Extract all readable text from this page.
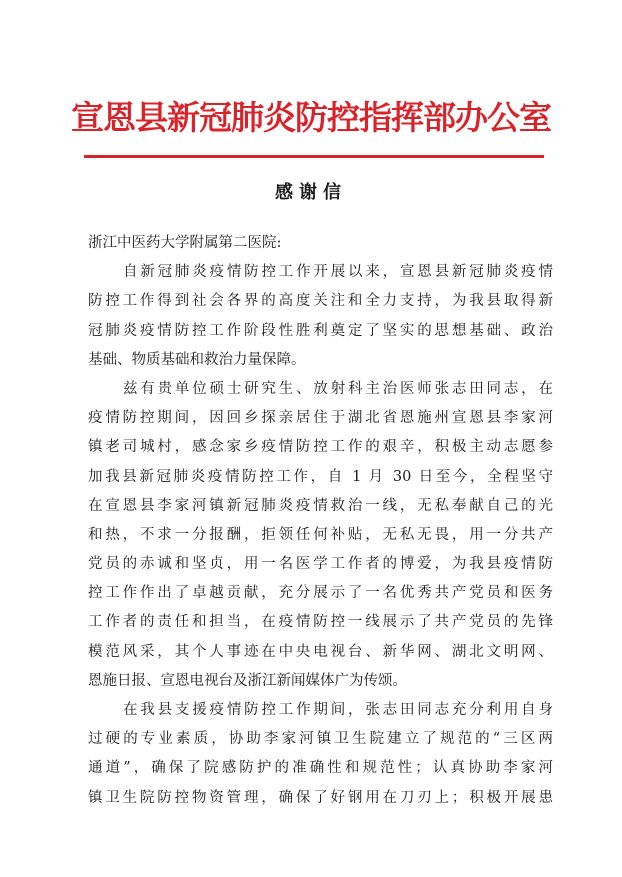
宣恩县新冠肺炎防控指挥部办公室
感谢信
浙江中医药大学附属第二医院:
自新冠肺炎疫情防控工作开展以来，宣恩县新冠肺炎疫情
防控工作得到社会各界的高度关注和全力支持，为我县取得新
冠肺炎疫情防控工作阶段性胜利奠定了坚实的思想基础、政治
基础、物质基础和救治力量保障。
兹有贵单位硕士研究生、放射科主治医师张志田同志，在
疫情防控期间，因回乡探亲居住于湖北省恩施州宣恩县李家河
镇老司城村，感念家乡疫情防控工作的艰辛，积极主动志愿参
加我县新冠肺炎疫情防控工作，自 1 月 30 日至今，全程坚守
在宣恩县李家河镇新冠肺炎疫情救治一线，无私奉献自己的光
和热，不求一分报酬，拒领任何补贴，无私无畏，用一分共产
党员的赤诚和坚贞，用一名医学工作者的博爱，为我县疫情防
控工作作出了卓越贡献，充分展示了一名优秀共产党员和医务
工作者的责任和担当，在疫情防控一线展示了共产党员的先锋
模范风采，其个人事迹在中央电视台、新华网、湖北文明网、
恩施日报、宣恩电视台及浙江新闻媒体广为传颂。
在我县支援疫情防控工作期间，张志田同志充分利用自身
过硬的专业素质，协助李家河镇卫生院建立了规范的“三区两
通道”，确保了院感防护的准确性和规范性；认真协助李家河
镇卫生院防控物资管理，确保了好钢用在刀刃上；积极开展患
